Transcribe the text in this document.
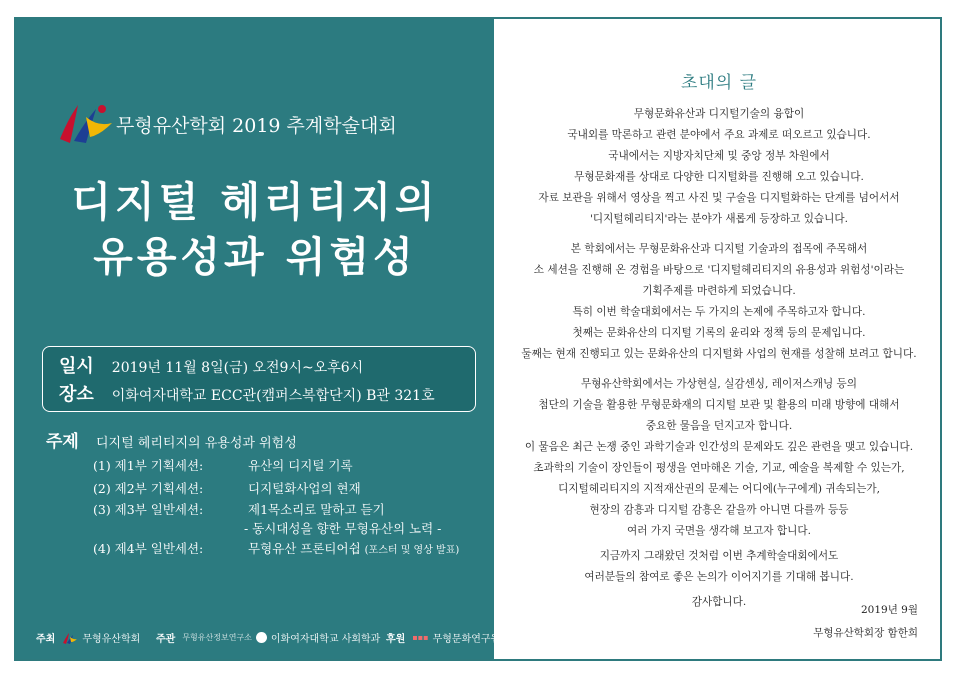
무형유산학회 2019 추계학술대회
디지털 헤리티지의
유용성과 위험성
일시 2019년 11월 8일(금) 오전9시~오후6시
장소 이화여자대학교 ECC관(캠퍼스복합단지) B관 321호
주제 디지털 헤리티지의 유용성과 위험성
(1) 제1부 기획세션:	유산의 디지털 기록
(2) 제2부 기획세션:	디지털화사업의 현재
(3) 제3부 일반세션:	제1목소리로 말하고 듣기
- 동시대성을 향한 무형유산의 노력 -
(4) 제4부 일반세션:	무형유산 프론티어쉽 (포스터 및 영상 발표)
주최	무형유산학회 주관 무형유산정보연구소 이화여자대학교 사회학과 후원 ▪▪▪ 무형문화연구원
초대의 글
무형문화유산과 디지털기술의 융합이
국내외를 막론하고 관련 분야에서 주요 과제로 떠오르고 있습니다.
국내에서는 지방자치단체 및 중앙 정부 차원에서
무형문화재를 상대로 다양한 디지털화를 진행해 오고 있습니다.
자료 보관을 위해서 영상을 찍고 사진 및 구술을 디지털화하는 단계를 넘어서서
'디지털헤리티지'라는 분야가 새롭게 등장하고 있습니다.
본 학회에서는 무형문화유산과 디지털 기술과의 접목에 주목해서
소 세션을 진행해 온 경험을 바탕으로 '디지털헤리티지의 유용성과 위험성'이라는
기획주제를 마련하게 되었습니다.
특히 이번 학술대회에서는 두 가지의 논제에 주목하고자 합니다.
첫째는 문화유산의 디지털 기록의 윤리와 정책 등의 문제입니다.
둘째는 현재 진행되고 있는 문화유산의 디지털화 사업의 현재를 성찰해 보려고 합니다.
무형유산학회에서는 가상현실, 실감센싱, 레이저스캐닝 등의
첨단의 기술을 활용한 무형문화재의 디지털 보관 및 활용의 미래 방향에 대해서
중요한 물음을 던지고자 합니다.
이 물음은 최근 논쟁 중인 과학기술과 인간성의 문제와도 깊은 관련을 맺고 있습니다.
초과학의 기술이 장인들이 평생을 연마해온 기술, 기교, 예술을 복제할 수 있는가,
디지털헤리티지의 지적재산권의 문제는 어디에(누구에게) 귀속되는가,
현장의 감흥과 디지털 감흥은 같을까 아니면 다를까 등등
여러 가지 국면을 생각해 보고자 합니다.
지금까지 그래왔던 것처럼 이번 추계학술대회에서도
여러분들의 참여로 좋은 논의가 이어지기를 기대해 봅니다.
감사합니다.
2019년 9월
무형유산학회장 함한희
